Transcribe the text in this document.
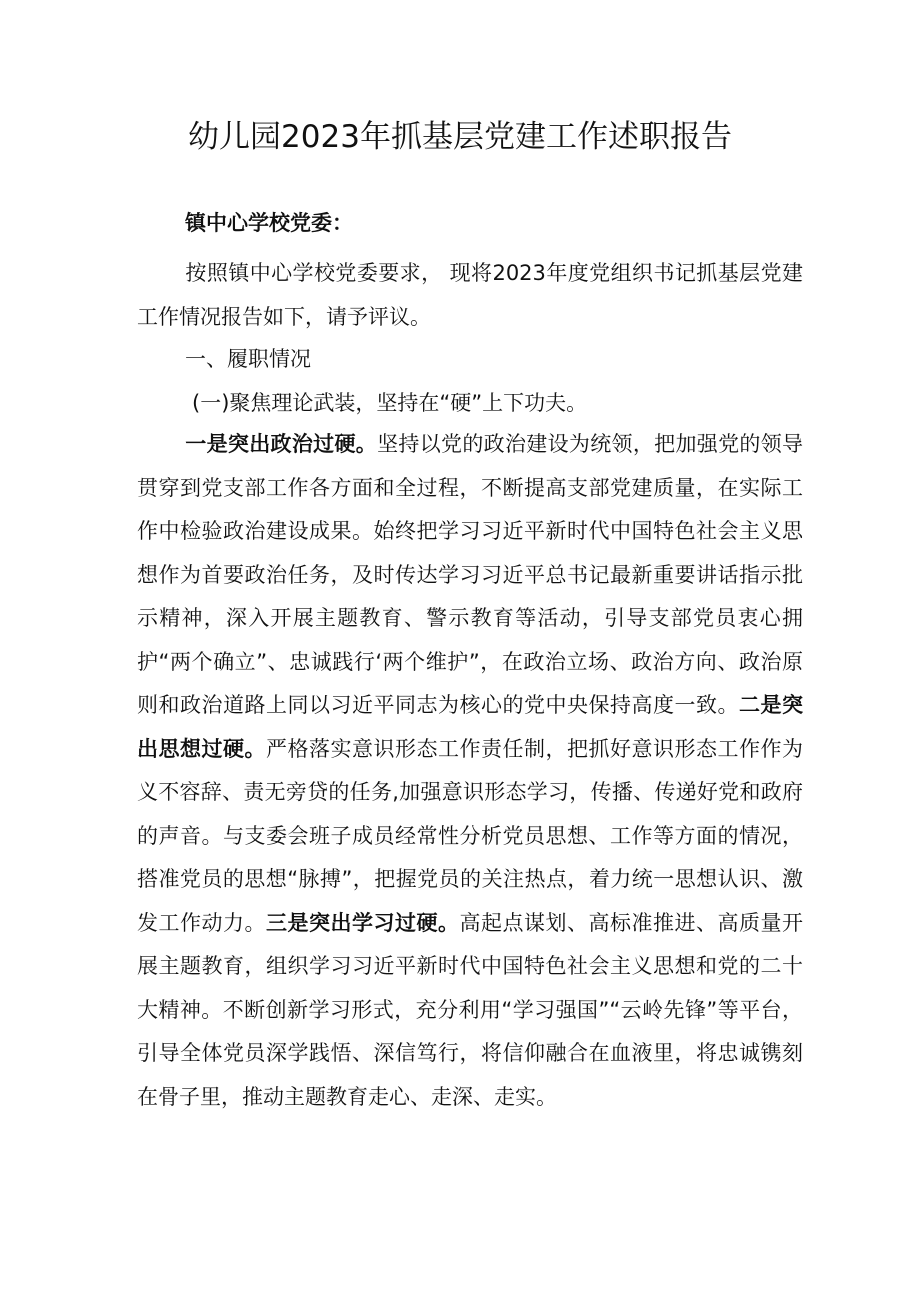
幼儿园2023年抓基层党建工作述职报告

镇中心学校党委：

按照镇中心学校党委要求， 现将2023年度党组织书记抓基层党建工作情况报告如下，请予评议。

一、履职情况

(一)聚焦理论武装，坚持在“硬”上下功夫。

一是突出政治过硬。坚持以党的政治建设为统领，把加强党的领导贯穿到党支部工作各方面和全过程，不断提高支部党建质量，在实际工作中检验政治建设成果。始终把学习习近平新时代中国特色社会主义思想作为首要政治任务，及时传达学习习近平总书记最新重要讲话指示批示精神，深入开展主题教育、警示教育等活动，引导支部党员衷心拥护“两个确立”、忠诚践行‘两个维护”，在政治立场、政治方向、政治原则和政治道路上同以习近平同志为核心的党中央保持高度一致。二是突出思想过硬。严格落实意识形态工作责任制，把抓好意识形态工作作为义不容辞、责无旁贷的任务,加强意识形态学习，传播、传递好党和政府的声音。与支委会班子成员经常性分析党员思想、工作等方面的情况，搭准党员的思想“脉搏”，把握党员的关注热点，着力统一思想认识、激发工作动力。三是突出学习过硬。高起点谋划、高标准推进、高质量开展主题教育，组织学习习近平新时代中国特色社会主义思想和党的二十大精神。不断创新学习形式，充分利用“学习强国”“云岭先锋”等平台，引导全体党员深学践悟、深信笃行，将信仰融合在血液里，将忠诚镌刻在骨子里，推动主题教育走心、走深、走实。
